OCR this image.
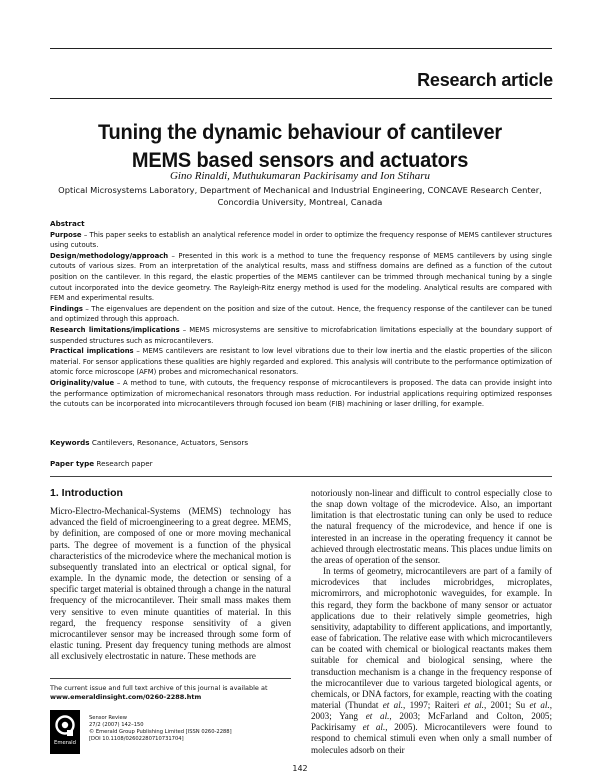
Research article
Tuning the dynamic behaviour of cantilever
MEMS based sensors and actuators
Gino Rinaldi, Muthukumaran Packirisamy and Ion Stiharu
Optical Microsystems Laboratory, Department of Mechanical and Industrial Engineering, CONCAVE Research Center,
Concordia University, Montreal, Canada

Abstract

Purpose – This paper seeks to establish an analytical reference model in order to optimize the frequency response of MEMS cantilever structures using cutouts.

Design/methodology/approach – Presented in this work is a method to tune the frequency response of MEMS cantilevers by using single cutouts of various sizes. From an interpretation of the analytical results, mass and stiffness domains are defined as a function of the cutout position on the cantilever. In this regard, the elastic properties of the MEMS cantilever can be trimmed through mechanical tuning by a single cutout incorporated into the device geometry. The Rayleigh-Ritz energy method is used for the modeling. Analytical results are compared with FEM and experimental results.

Findings – The eigenvalues are dependent on the position and size of the cutout. Hence, the frequency response of the cantilever can be tuned and optimized through this approach.

Research limitations/implications – MEMS microsystems are sensitive to microfabrication limitations especially at the boundary support of suspended structures such as microcantilevers.

Practical implications – MEMS cantilevers are resistant to low level vibrations due to their low inertia and the elastic properties of the silicon material. For sensor applications these qualities are highly regarded and explored. This analysis will contribute to the performance optimization of atomic force microscope (AFM) probes and micromechanical resonators.

Originality/value – A method to tune, with cutouts, the frequency response of microcantilevers is proposed. The data can provide insight into the performance optimization of micromechanical resonators through mass reduction. For industrial applications requiring optimized responses the cutouts can be incorporated into microcantilevers through focused ion beam (FIB) machining or laser drilling, for example.

Keywords Cantilevers, Resonance, Actuators, Sensors
Paper type Research paper
1. Introduction

Micro-Electro-Mechanical-Systems (MEMS) technology has advanced the field of microengineering to a great degree. MEMS, by definition, are composed of one or more moving mechanical parts. The degree of movement is a function of the physical characteristics of the microdevice where the mechanical motion is subsequently translated into an electrical or optical signal, for example. In the dynamic mode, the detection or sensing of a specific target material is obtained through a change in the natural frequency of the microcantilever. Their small mass makes them very sensitive to even minute quantities of material. In this regard, the frequency response sensitivity of a given microcantilever sensor may be increased through some form of elastic tuning. Present day frequency tuning methods are almost all exclusively electrostatic in nature. These methods are

notoriously non-linear and difficult to control especially close to the snap down voltage of the microdevice. Also, an important limitation is that electrostatic tuning can only be used to reduce the natural frequency of the microdevice, and hence if one is interested in an increase in the operating frequency it cannot be achieved through electrostatic means. This places undue limits on the areas of operation of the sensor.

In terms of geometry, microcantilevers are part of a family of microdevices that includes microbridges, microplates, micromirrors, and microphotonic waveguides, for example. In this regard, they form the backbone of many sensor or actuator applications due to their relatively simple geometries, high sensitivity, adaptability to different applications, and importantly, ease of fabrication. The relative ease with which microcantilevers can be coated with chemical or biological reactants makes them suitable for chemical and biological sensing, where the transduction mechanism is a change in the frequency response of the microcantilever due to various targeted biological agents, or chemicals, or DNA factors, for example, reacting with the coating material (Thundat et al., 1997; Raiteri et al., 2001; Su et al., 2003; Yang et al., 2003; McFarland and Colton, 2005; Packirisamy et al., 2005). Microcantilevers were found to respond to chemical stimuli even when only a small number of molecules adsorb on their

The current issue and full text archive of this journal is available at
www.emeraldinsight.com/0260-2288.htm
Emerald
Sensor Review
27/2 (2007) 142–150
© Emerald Group Publishing Limited [ISSN 0260-2288]
[DOI 10.1108/02602280710731704]
142
